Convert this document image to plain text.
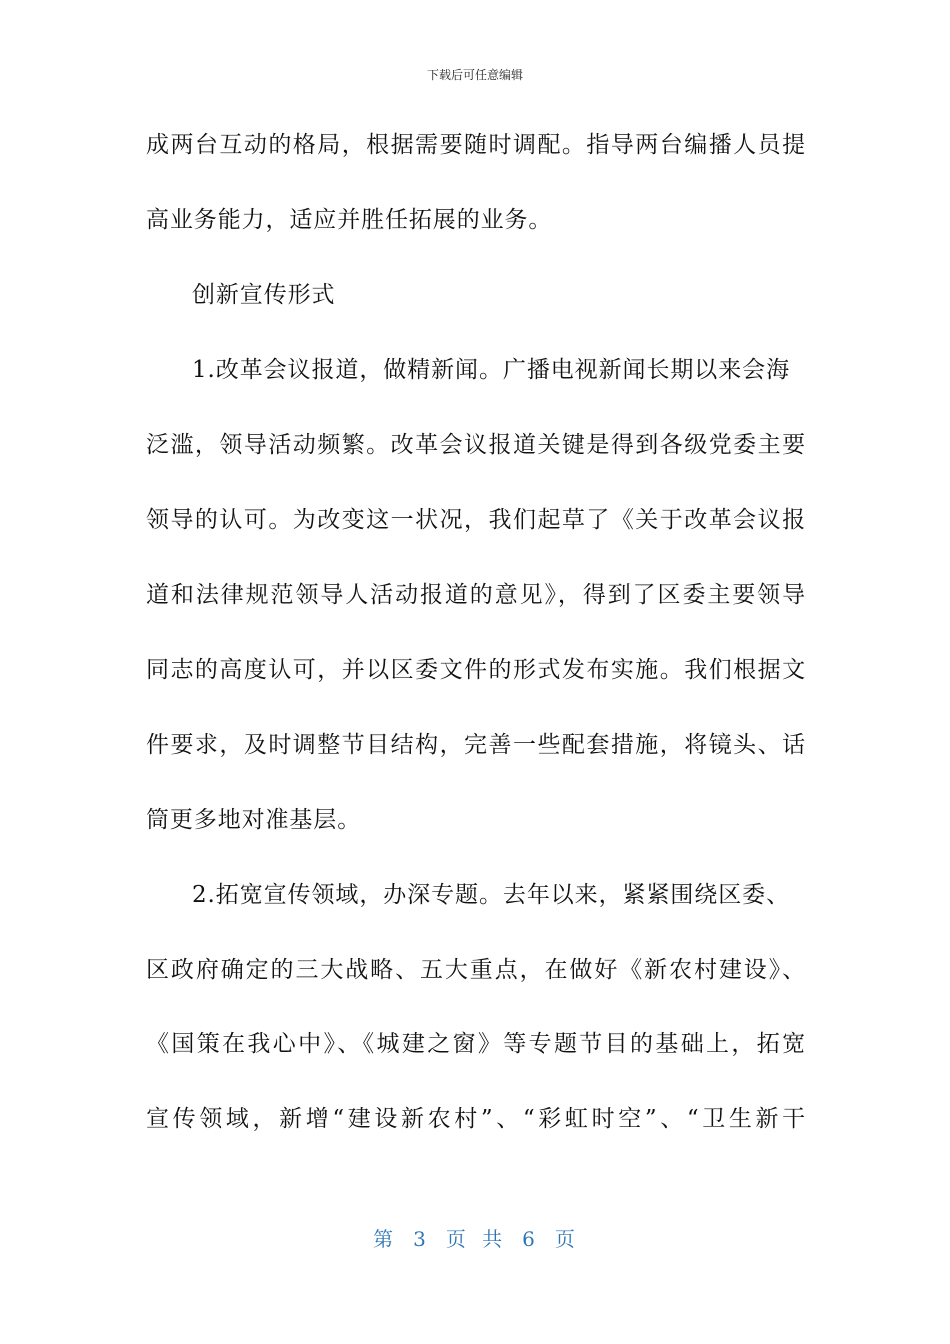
下载后可任意编辑
成两台互动的格局，根据需要随时调配。指导两台编播人员提
高业务能力，适应并胜任拓展的业务。
创新宣传形式
1.改革会议报道，做精新闻。广播电视新闻长期以来会海
泛滥，领导活动频繁。改革会议报道关键是得到各级党委主要
领导的认可。为改变这一状况，我们起草了《关于改革会议报
道和法律规范领导人活动报道的意见》，得到了区委主要领导
同志的高度认可，并以区委文件的形式发布实施。我们根据文
件要求，及时调整节目结构，完善一些配套措施，将镜头、话
筒更多地对准基层。
2.拓宽宣传领域，办深专题。去年以来，紧紧围绕区委、
区政府确定的三大战略、五大重点，在做好《新农村建设》、
《国策在我心中》、《城建之窗》等专题节目的基础上，拓宽
宣传领域，新增“建设新农村”、“彩虹时空”、“卫生新干
第 3 页 共 6 页
